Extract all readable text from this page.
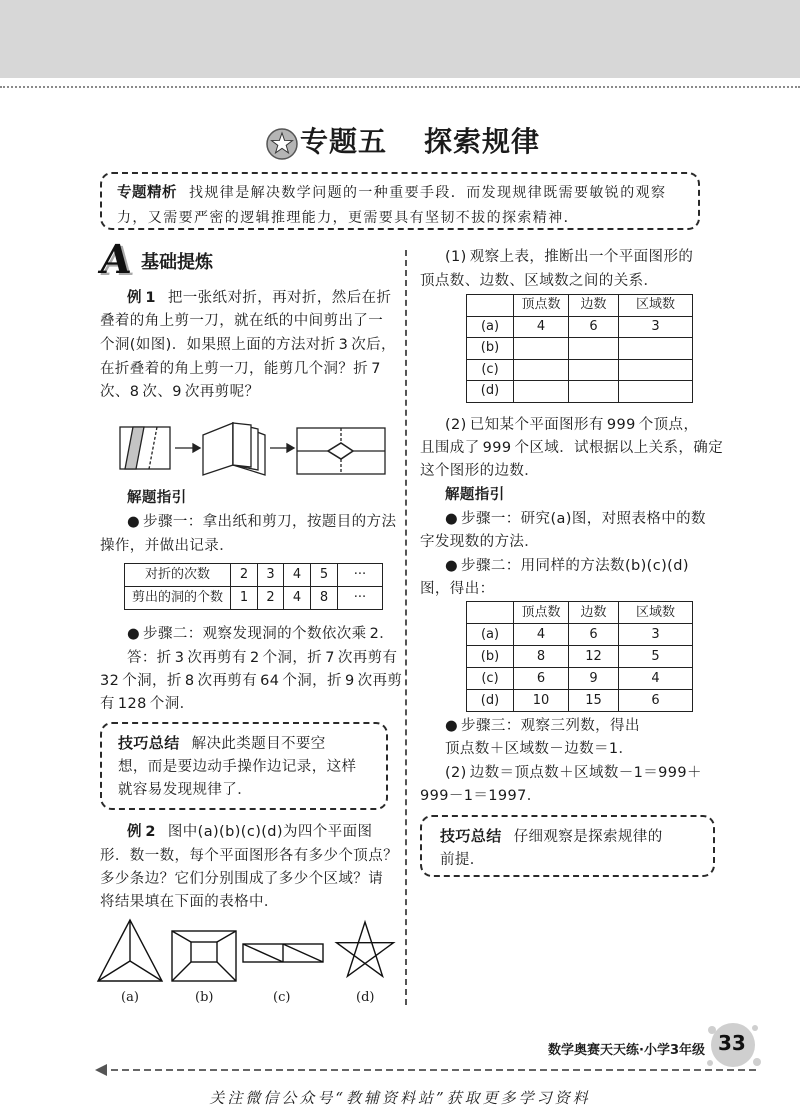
专题五 探索规律
专题精析 找规律是解决数学问题的一种重要手段．而发现规律既需要敏锐的观察
力，又需要严密的逻辑推理能力，更需要具有坚韧不拔的探索精神．
A 基础提炼
例 1 把一张纸对折，再对折，然后在折
叠着的角上剪一刀，就在纸的中间剪出了一
个洞(如图)．如果照上面的方法对折 3 次后，
在折叠着的角上剪一刀，能剪几个洞？折 7
次、8 次、9 次再剪呢？
解题指引
● 步骤一：拿出纸和剪刀，按题目的方法
操作，并做出记录．
对折的次数	2	3	4	5	···
剪出的洞的个数	1	2	4	8	···
● 步骤二：观察发现洞的个数依次乘 2．
答：折 3 次再剪有 2 个洞，折 7 次再剪有
32 个洞，折 8 次再剪有 64 个洞，折 9 次再剪
有 128 个洞．
技巧总结 解决此类题目不要空
想，而是要边动手操作边记录，这样
就容易发现规律了．
例 2 图中(a)(b)(c)(d)为四个平面图
形．数一数，每个平面图形各有多少个顶点？
多少条边？它们分别围成了多少个区域？请
将结果填在下面的表格中．
(a)	(b)	(c)	(d)
(1) 观察上表，推断出一个平面图形的
顶点数、边数、区域数之间的关系．
	顶点数	边数	区域数
(a)	4	6	3
(b)			
(c)			
(d)			
(2) 已知某个平面图形有 999 个顶点，
且围成了 999 个区域．试根据以上关系，确定
这个图形的边数．
解题指引
● 步骤一：研究(a)图，对照表格中的数
字发现数的方法．
● 步骤二：用同样的方法数(b)(c)(d)
图，得出：
	顶点数	边数	区域数
(a)	4	6	3
(b)	8	12	5
(c)	6	9	4
(d)	10	15	6
● 步骤三：观察三列数，得出
顶点数＋区域数－边数＝1．
(2) 边数＝顶点数＋区域数－1＝999＋
999－1＝1997．
技巧总结 仔细观察是探索规律的
前提．
数学奥赛天天练·小学3年级 33
关注微信公众号“教辅资料站”获取更多学习资料
